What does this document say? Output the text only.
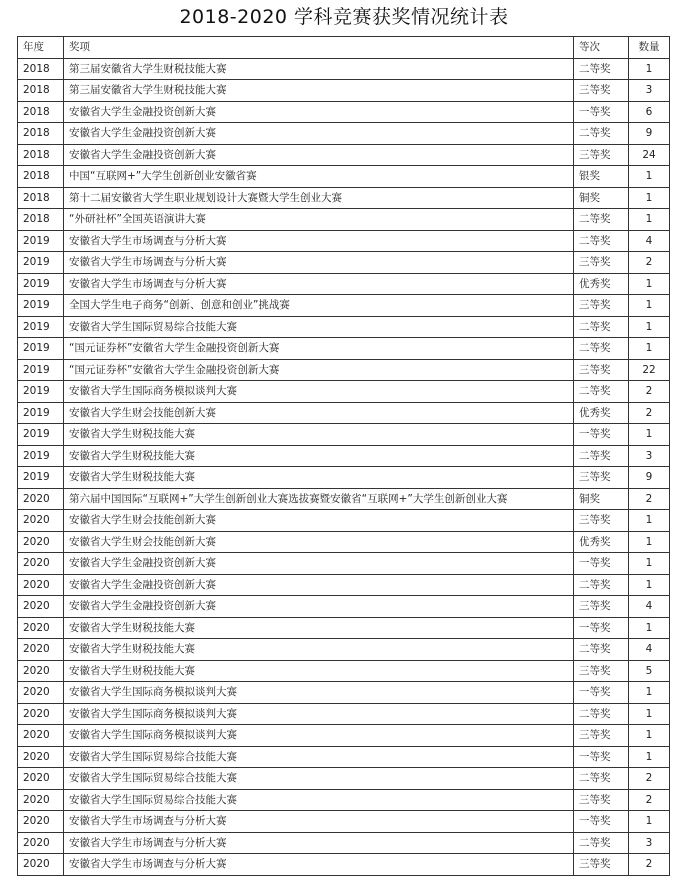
2018-2020 学科竞赛获奖情况统计表
年度	奖项	等次	数量
2018	第三届安徽省大学生财税技能大赛	二等奖	1
2018	第三届安徽省大学生财税技能大赛	三等奖	3
2018	安徽省大学生金融投资创新大赛	一等奖	6
2018	安徽省大学生金融投资创新大赛	二等奖	9
2018	安徽省大学生金融投资创新大赛	三等奖	24
2018	中国“互联网+”大学生创新创业安徽省赛	银奖	1
2018	第十二届安徽省大学生职业规划设计大赛暨大学生创业大赛	铜奖	1
2018	“外研社杯”全国英语演讲大赛	二等奖	1
2019	安徽省大学生市场调查与分析大赛	二等奖	4
2019	安徽省大学生市场调查与分析大赛	三等奖	2
2019	安徽省大学生市场调查与分析大赛	优秀奖	1
2019	全国大学生电子商务“创新、创意和创业”挑战赛	三等奖	1
2019	安徽省大学生国际贸易综合技能大赛	二等奖	1
2019	“国元证券杯”安徽省大学生金融投资创新大赛	二等奖	1
2019	“国元证券杯”安徽省大学生金融投资创新大赛	三等奖	22
2019	安徽省大学生国际商务模拟谈判大赛	二等奖	2
2019	安徽省大学生财会技能创新大赛	优秀奖	2
2019	安徽省大学生财税技能大赛	一等奖	1
2019	安徽省大学生财税技能大赛	二等奖	3
2019	安徽省大学生财税技能大赛	三等奖	9
2020	第六届中国国际“互联网+”大学生创新创业大赛选拔赛暨安徽省“互联网+”大学生创新创业大赛	铜奖	2
2020	安徽省大学生财会技能创新大赛	三等奖	1
2020	安徽省大学生财会技能创新大赛	优秀奖	1
2020	安徽省大学生金融投资创新大赛	一等奖	1
2020	安徽省大学生金融投资创新大赛	二等奖	1
2020	安徽省大学生金融投资创新大赛	三等奖	4
2020	安徽省大学生财税技能大赛	一等奖	1
2020	安徽省大学生财税技能大赛	二等奖	4
2020	安徽省大学生财税技能大赛	三等奖	5
2020	安徽省大学生国际商务模拟谈判大赛	一等奖	1
2020	安徽省大学生国际商务模拟谈判大赛	二等奖	1
2020	安徽省大学生国际商务模拟谈判大赛	三等奖	1
2020	安徽省大学生国际贸易综合技能大赛	一等奖	1
2020	安徽省大学生国际贸易综合技能大赛	二等奖	2
2020	安徽省大学生国际贸易综合技能大赛	三等奖	2
2020	安徽省大学生市场调查与分析大赛	一等奖	1
2020	安徽省大学生市场调查与分析大赛	二等奖	3
2020	安徽省大学生市场调查与分析大赛	三等奖	2
